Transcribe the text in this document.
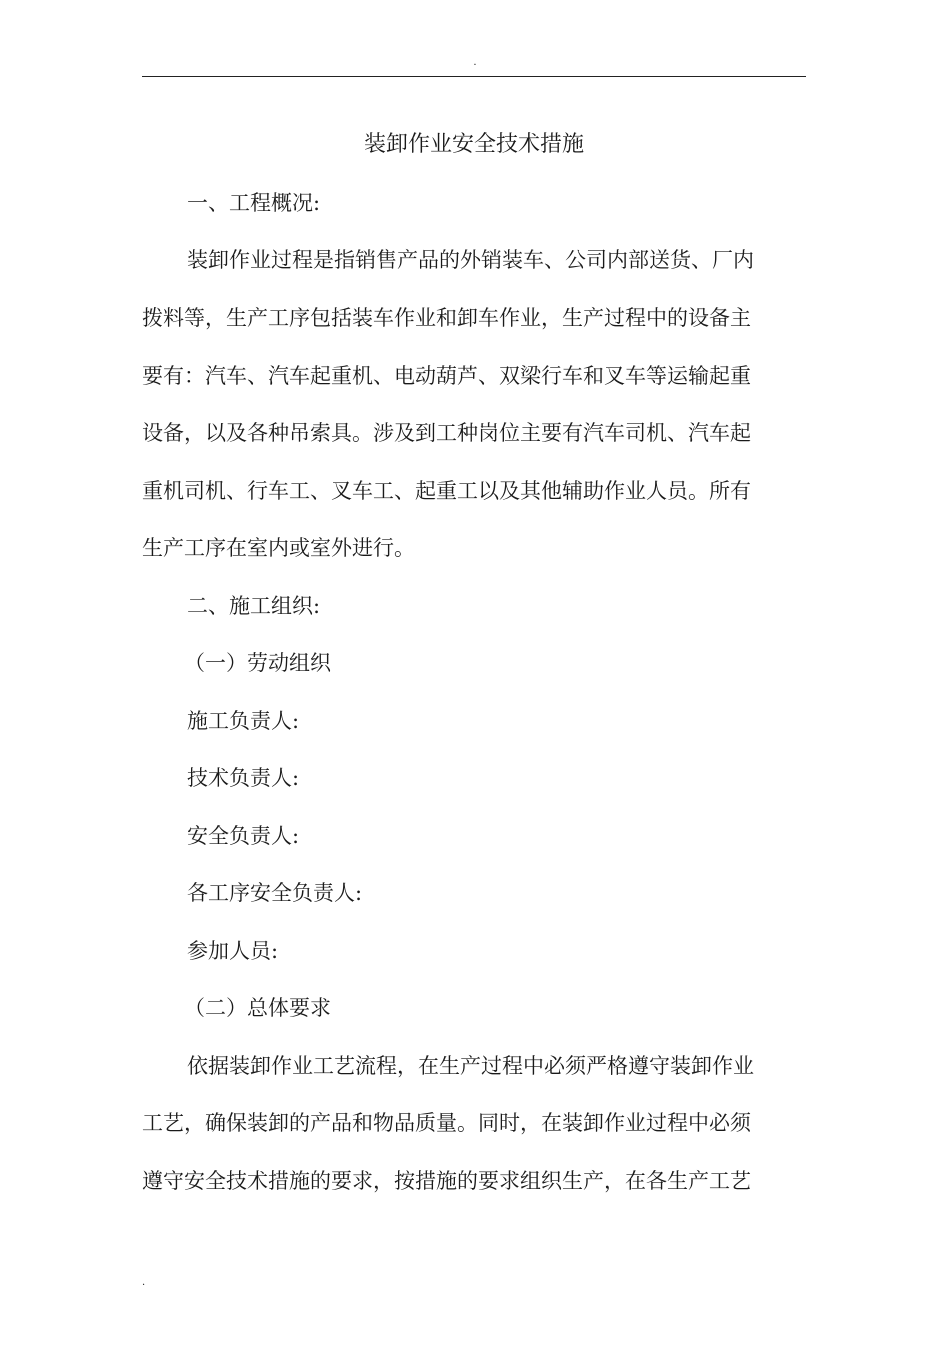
.
装卸作业安全技术措施
一、工程概况:
装卸作业过程是指销售产品的外销装车、公司内部送货、厂内
拨料等，生产工序包括装车作业和卸车作业，生产过程中的设备主
要有：汽车、汽车起重机、电动葫芦、双梁行车和叉车等运输起重
设备，以及各种吊索具。涉及到工种岗位主要有汽车司机、汽车起
重机司机、行车工、叉车工、起重工以及其他辅助作业人员。所有
生产工序在室内或室外进行。
二、施工组织:
（一）劳动组织
施工负责人:
技术负责人:
安全负责人:
各工序安全负责人:
参加人员:
（二）总体要求
依据装卸作业工艺流程，在生产过程中必须严格遵守装卸作业
工艺，确保装卸的产品和物品质量。同时，在装卸作业过程中必须
遵守安全技术措施的要求，按措施的要求组织生产，在各生产工艺
.
